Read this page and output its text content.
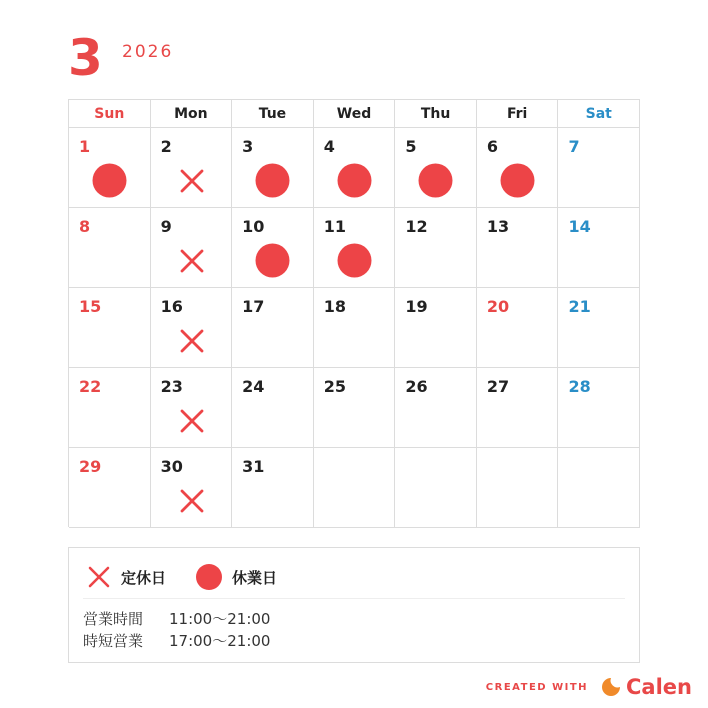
3 2026
Sun	Mon	Tue	Wed	Thu	Fri	Sat
1	2	3	4	5	6	7
8	9	10	11	12	13	14
15	16	17	18	19	20	21
22	23	24	25	26	27	28
29	30	31
定休日	休業日
営業時間 11:00〜21:00
時短営業 17:00〜21:00
CREATED WITH Calen
